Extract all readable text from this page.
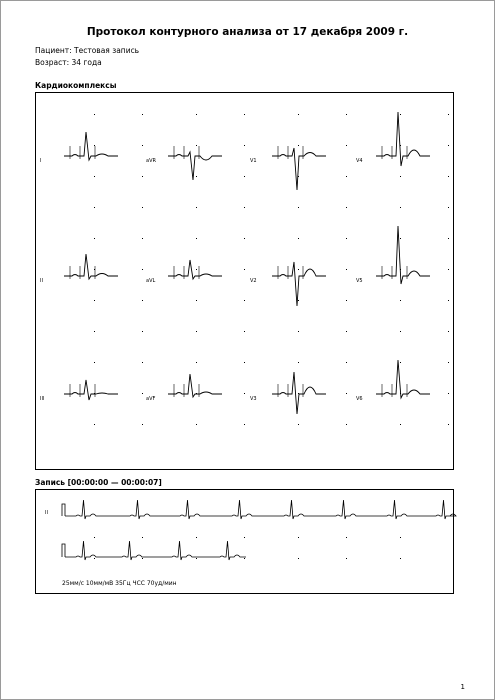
Протокол контурного анализа от 17 декабря 2009 г.
Пациент: Тестовая запись
Возраст: 34 года
Кардиокомплексы
Запись [00:00:00 — 00:00:07]
II
25мм/с 10мм/мВ 35Гц ЧСС 70уд/мин
1
I	aVR	V1	V4
II	aVL	V2	V5
III	aVF	V3	V6
